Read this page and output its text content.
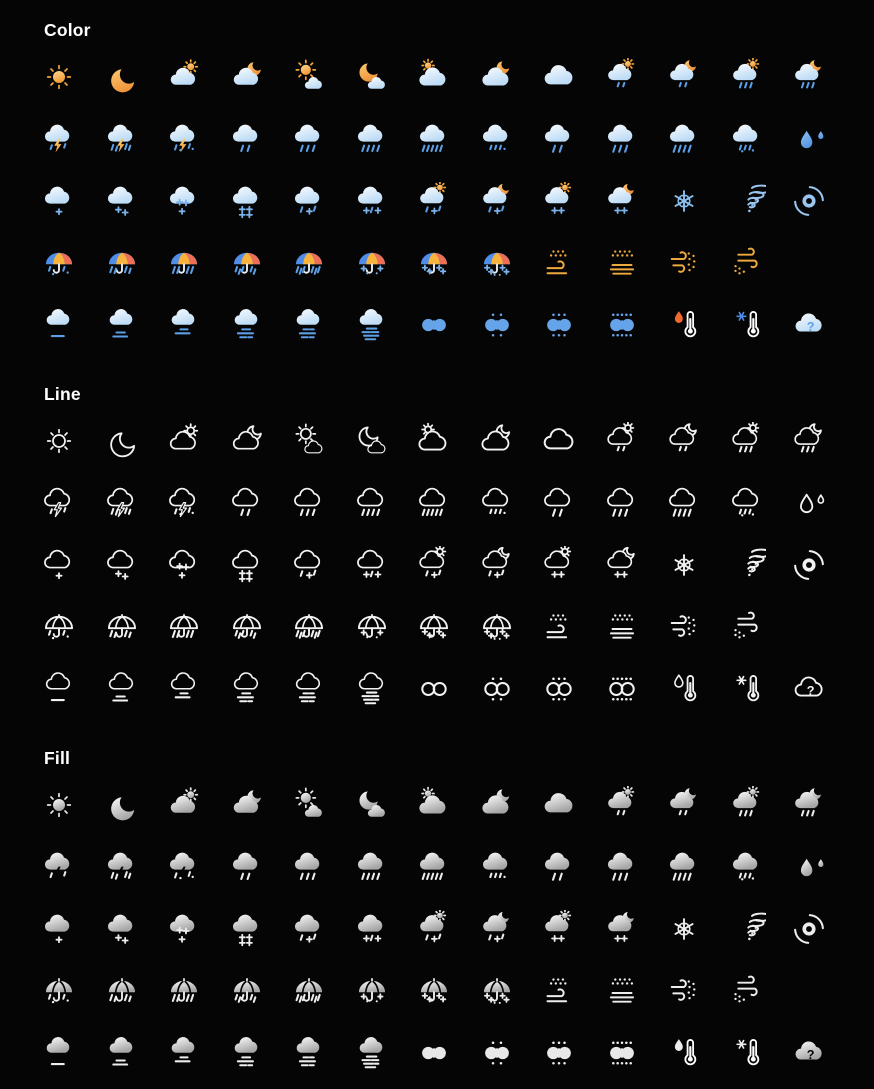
Color
?
Line
?
Fill
?
